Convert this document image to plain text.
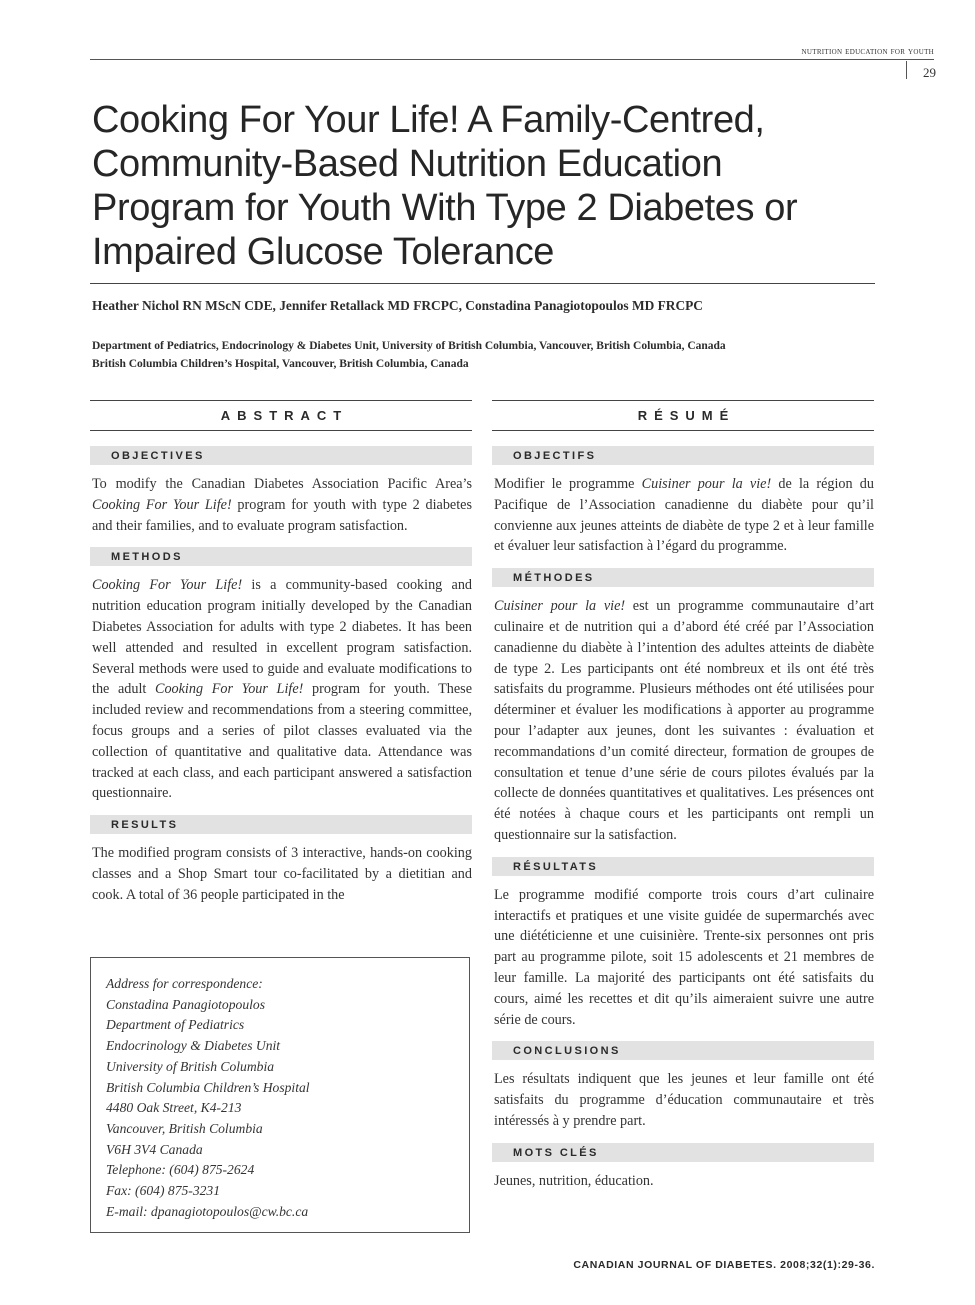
nutrition education for youth
29
Cooking For Your Life! A Family-Centred, Community-Based Nutrition Education Program for Youth With Type 2 Diabetes or Impaired Glucose Tolerance
Heather Nichol RN MScN CDE, Jennifer Retallack MD FRCPC, Constadina Panagiotopoulos MD FRCPC
Department of Pediatrics, Endocrinology & Diabetes Unit, University of British Columbia, Vancouver, British Columbia, Canada
British Columbia Children’s Hospital, Vancouver, British Columbia, Canada
ABSTRACT
OBJECTIVES

To modify the Canadian Diabetes Association Pacific Area’s Cooking For Your Life! program for youth with type 2 diabetes and their families, and to evaluate program satisfaction.

METHODS

Cooking For Your Life! is a community-based cooking and nutrition education program initially developed by the Canadian Diabetes Association for adults with type 2 diabetes. It has been well attended and resulted in excellent program satisfaction. Several methods were used to guide and evaluate modifications to the adult Cooking For Your Life! program for youth. These included review and recommendations from a steering committee, focus groups and a series of pilot classes evaluated via the collection of quantitative and qualitative data. Attendance was tracked at each class, and each participant answered a satisfaction questionnaire.

RESULTS

The modified program consists of 3 interactive, hands-on cooking classes and a Shop Smart tour co-facilitated by a dietitian and cook. A total of 36 people participated in the

RÉSUMÉ
OBJECTIFS

Modifier le programme Cuisiner pour la vie! de la région du Pacifique de l’Association canadienne du diabète pour qu’il convienne aux jeunes atteints de diabète de type 2 et à leur famille et évaluer leur satisfaction à l’égard du programme.

MÉTHODES

Cuisiner pour la vie! est un programme communautaire d’art culinaire et de nutrition qui a d’abord été créé par l’Association canadienne du diabète à l’intention des adultes atteints de diabète de type 2. Les participants ont été nombreux et ils ont été très satisfaits du programme. Plusieurs méthodes ont été utilisées pour déterminer et évaluer les modifications à apporter au programme pour l’adapter aux jeunes, dont les suivantes : évaluation et recommandations d’un comité directeur, formation de groupes de consultation et tenue d’une série de cours pilotes évalués par la collecte de données quantitatives et qualitatives. Les présences ont été notées à chaque cours et les participants ont rempli un questionnaire sur la satisfaction.

RÉSULTATS

Le programme modifié comporte trois cours d’art culinaire interactifs et pratiques et une visite guidée de supermarchés avec une diététicienne et une cuisinière. Trente-six personnes ont pris part au programme pilote, soit 15 adolescents et 21 membres de leur famille. La majorité des participants ont été satisfaits du cours, aimé les recettes et dit qu’ils aimeraient suivre une autre série de cours.

CONCLUSIONS

Les résultats indiquent que les jeunes et leur famille ont été satisfaits du programme d’éducation communautaire et très intéressés à y prendre part.

MOTS CLÉS

Jeunes, nutrition, éducation.

Address for correspondence:
Constadina Panagiotopoulos
Department of Pediatrics
Endocrinology & Diabetes Unit
University of British Columbia
British Columbia Children’s Hospital
4480 Oak Street, K4-213
Vancouver, British Columbia
V6H 3V4 Canada
Telephone: (604) 875-2624
Fax: (604) 875-3231
E-mail: dpanagiotopoulos@cw.bc.ca
CANADIAN JOURNAL OF DIABETES. 2008;32(1):29-36.
